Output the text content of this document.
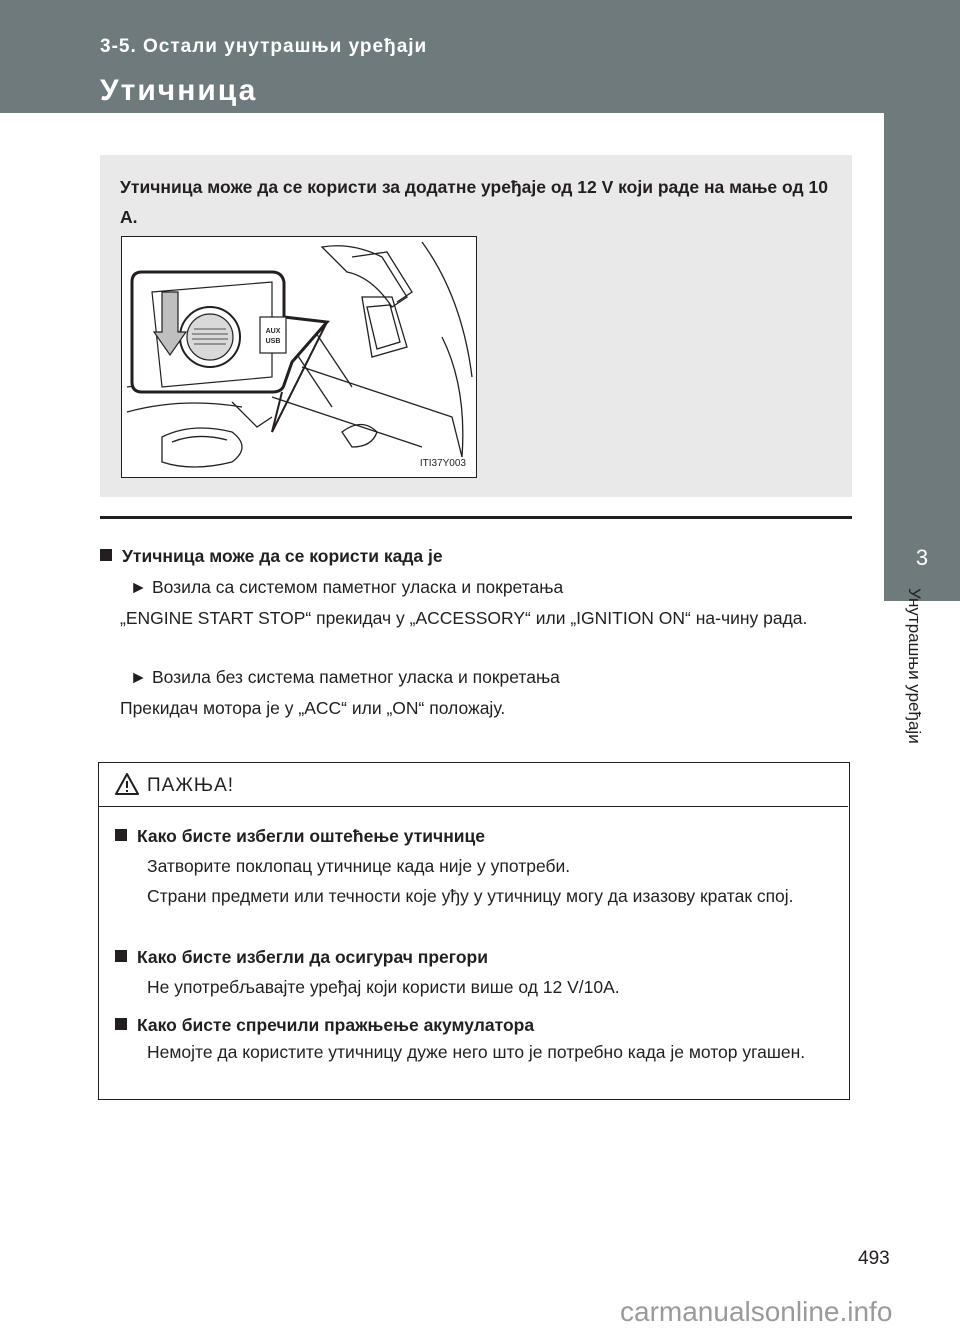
3-5. Остали унутрашњи уређаји
Утичница
3
Унутрашњи уређаји
Утичница може да се користи за додатне уређаје од 12 V који раде на мање од 10 A.
AUX
USB
ITI37Y003
Утичница може да се користи када је
► Возила са системом паметног уласка и покретања
„ENGINE START STOP“ прекидач у „ACCESSORY“ или „IGNITION ON“ на-чину рада.
► Возила без система паметног уласка и покретања
Прекидач мотора је у „ACC“ или „ON“ положају.
ПАЖЊА!
Како бисте избегли оштећење утичнице
Затворите поклопац утичнице када није у употреби.
Страни предмети или течности које уђу у утичницу могу да изазову кратак спој.
Како бисте избегли да осигурач прегори
Не употребљавајте уређај који користи више од 12 V/10A.
Како бисте спречили пражњење акумулатора
Немојте да користите утичницу дуже него што је потребно када је мотор угашен.
493
carmanualsonline.info
